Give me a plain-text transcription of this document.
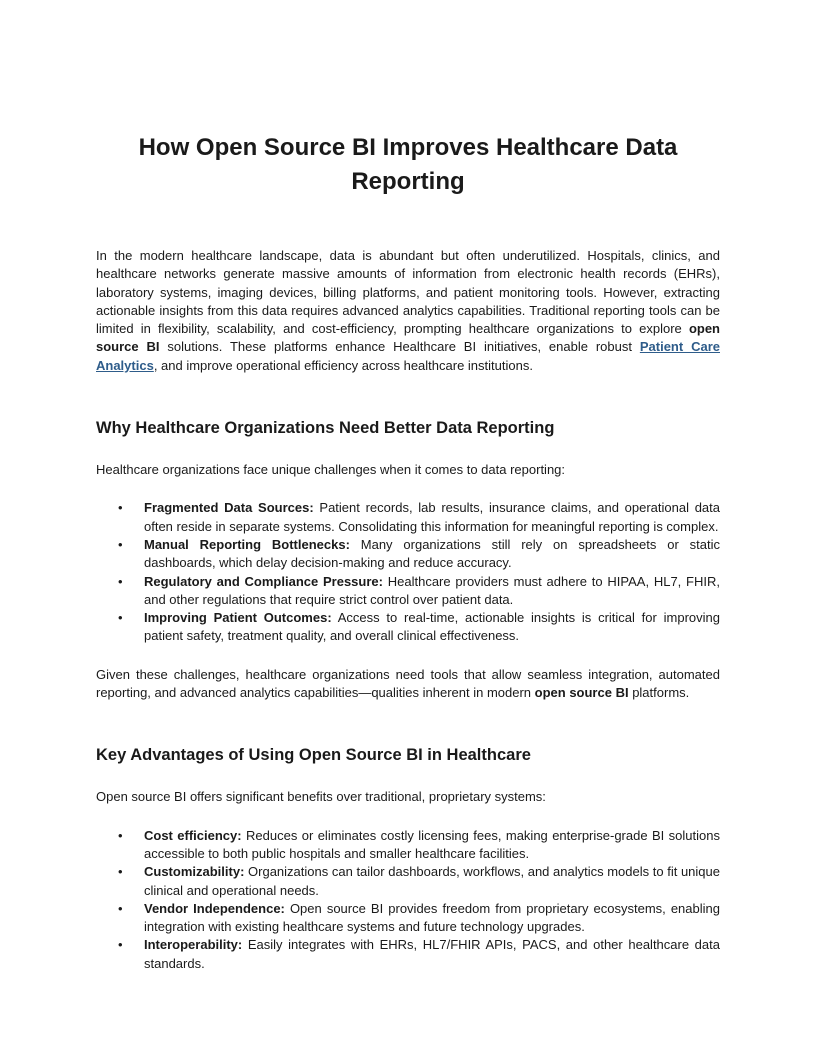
How Open Source BI Improves Healthcare Data Reporting

In the modern healthcare landscape, data is abundant but often underutilized. Hospitals, clinics, and healthcare networks generate massive amounts of information from electronic health records (EHRs), laboratory systems, imaging devices, billing platforms, and patient monitoring tools. However, extracting actionable insights from this data requires advanced analytics capabilities. Traditional reporting tools can be limited in flexibility, scalability, and cost-efficiency, prompting healthcare organizations to explore open source BI solutions. These platforms enhance Healthcare BI initiatives, enable robust Patient Care Analytics, and improve operational efficiency across healthcare institutions.

Why Healthcare Organizations Need Better Data Reporting

Healthcare organizations face unique challenges when it comes to data reporting:

• Fragmented Data Sources: Patient records, lab results, insurance claims, and operational data often reside in separate systems. Consolidating this information for meaningful reporting is complex.
• Manual Reporting Bottlenecks: Many organizations still rely on spreadsheets or static dashboards, which delay decision-making and reduce accuracy.
• Regulatory and Compliance Pressure: Healthcare providers must adhere to HIPAA, HL7, FHIR, and other regulations that require strict control over patient data.
• Improving Patient Outcomes: Access to real-time, actionable insights is critical for improving patient safety, treatment quality, and overall clinical effectiveness.

Given these challenges, healthcare organizations need tools that allow seamless integration, automated reporting, and advanced analytics capabilities—qualities inherent in modern open source BI platforms.

Key Advantages of Using Open Source BI in Healthcare

Open source BI offers significant benefits over traditional, proprietary systems:

• Cost efficiency: Reduces or eliminates costly licensing fees, making enterprise-grade BI solutions accessible to both public hospitals and smaller healthcare facilities.
• Customizability: Organizations can tailor dashboards, workflows, and analytics models to fit unique clinical and operational needs.
• Vendor Independence: Open source BI provides freedom from proprietary ecosystems, enabling integration with existing healthcare systems and future technology upgrades.
• Interoperability: Easily integrates with EHRs, HL7/FHIR APIs, PACS, and other healthcare data standards.
